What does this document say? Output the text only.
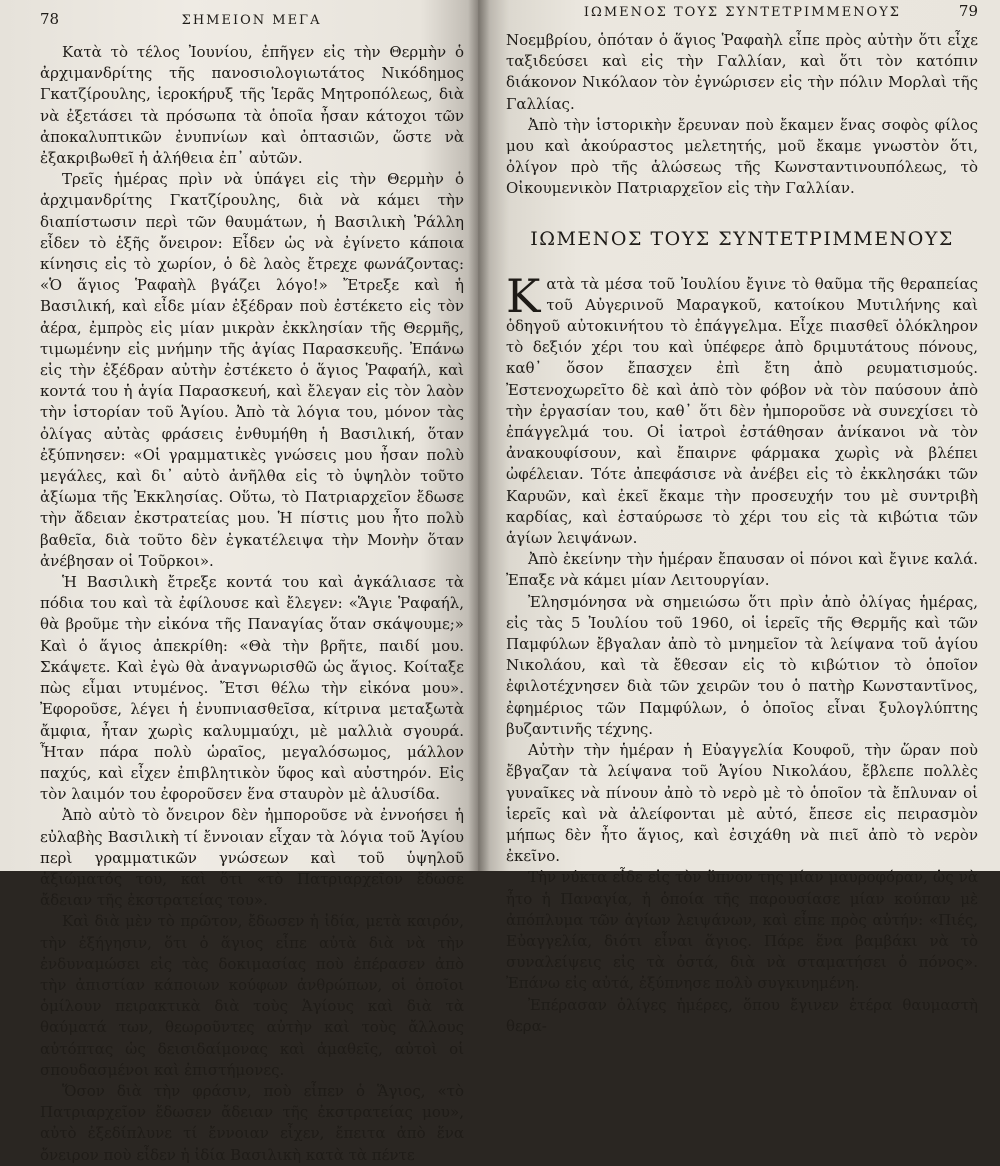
78	ΣΗΜΕΙΟΝ ΜΕΓΑ

Κατὰ τὸ τέλος Ἰουνίου, ἐπῆγεν εἰς τὴν Θερμὴν ὁ ἀρχιμανδρίτης τῆς πανοσιολογιωτάτος Νικόδημος Γκατζίρουλης, ἱεροκήρυξ τῆς Ἱερᾶς Μητροπόλεως, διὰ νὰ ἐξετάσει τὰ πρόσωπα τὰ ὁποῖα ἦσαν κάτοχοι τῶν ἀποκαλυπτικῶν ἐνυπνίων καὶ ὀπτασιῶν, ὥστε νὰ ἐξακριβωθεῖ ἡ ἀλήθεια ἐπ᾽ αὐτῶν.

Τρεῖς ἡμέρας πρὶν νὰ ὑπάγει εἰς τὴν Θερμὴν ὁ ἀρχιμανδρίτης Γκατζίρουλης, διὰ νὰ κάμει τὴν διαπίστωσιν περὶ τῶν θαυμάτων, ἡ Βασιλικὴ Ῥάλλη εἶδεν τὸ ἑξῆς ὄνειρον: Εἶδεν ὡς νὰ ἐγίνετο κάποια κίνησις εἰς τὸ χωρίον, ὁ δὲ λαὸς ἔτρεχε φωνάζοντας: «Ὁ ἅγιος Ῥαφαὴλ βγάζει λόγο!» Ἔτρεξε καὶ ἡ Βασιλική, καὶ εἶδε μίαν ἐξέδραν ποὺ ἐστέκετο εἰς τὸν ἀέρα, ἐμπρὸς εἰς μίαν μικρὰν ἐκκλησίαν τῆς Θερμῆς, τιμωμένην εἰς μνήμην τῆς ἁγίας Παρασκευῆς. Ἐπάνω εἰς τὴν ἐξέδραν αὐτὴν ἐστέκετο ὁ ἅγιος Ῥαφαήλ, καὶ κοντά του ἡ ἁγία Παρασκευή, καὶ ἔλεγαν εἰς τὸν λαὸν τὴν ἱστορίαν τοῦ Ἁγίου. Ἀπὸ τὰ λόγια του, μόνον τὰς ὀλίγας αὐτὰς φράσεις ἐνθυμήθη ἡ Βασιλική, ὅταν ἐξύπνησεν: «Οἱ γραμματικὲς γνώσεις μου ἦσαν πολὺ μεγάλες, καὶ δι᾽ αὐτὸ ἀνῆλθα εἰς τὸ ὑψηλὸν τοῦτο ἀξίωμα τῆς Ἐκκλησίας. Οὕτω, τὸ Πατριαρχεῖον ἔδωσε τὴν ἄδειαν ἐκστρατείας μου. Ἡ πίστις μου ἦτο πολὺ βαθεῖα, διὰ τοῦτο δὲν ἐγκατέλειψα τὴν Μονὴν ὅταν ἀνέβησαν οἱ Τοῦρκοι».

Ἡ Βασιλικὴ ἔτρεξε κοντά του καὶ ἀγκάλιασε τὰ πόδια του καὶ τὰ ἐφίλουσε καὶ ἔλεγεν: «Ἅγιε Ῥαφαήλ, θὰ βροῦμε τὴν εἰκόνα τῆς Παναγίας ὅταν σκάψουμε;» Καὶ ὁ ἅγιος ἀπεκρίθη: «Θὰ τὴν βρῆτε, παιδί μου. Σκάψετε. Καὶ ἐγὼ θὰ ἀναγνωρισθῶ ὡς ἅγιος. Κοίταξε πὼς εἶμαι ντυμένος. Ἔτσι θέλω τὴν εἰκόνα μου». Ἐφοροῦσε, λέγει ἡ ἐνυπνιασθεῖσα, κίτρινα μεταξωτὰ ἄμφια, ἦταν χωρὶς καλυμμαύχι, μὲ μαλλιὰ σγουρά. Ἦταν πάρα πολὺ ὡραῖος, μεγαλόσωμος, μάλλον παχύς, καὶ εἶχεν ἐπιβλητικὸν ὕφος καὶ αὐστηρόν. Εἰς τὸν λαιμόν του ἐφοροῦσεν ἕνα σταυρὸν μὲ ἁλυσίδα.

Ἀπὸ αὐτὸ τὸ ὄνειρον δὲν ἠμποροῦσε νὰ ἐννοήσει ἡ εὐλαβὴς Βασιλικὴ τί ἔννοιαν εἶχαν τὰ λόγια τοῦ Ἁγίου περὶ γραμματικῶν γνώσεων καὶ τοῦ ὑψηλοῦ ἀξιώματός του, καὶ ὅτι «τὸ Πατριαρχεῖον ἔδωσε ἄδειαν τῆς ἐκστρατείας του».

Καὶ διὰ μὲν τὸ πρῶτον, ἔδωσεν ἡ ἰδία, μετὰ καιρόν, τὴν ἐξήγησιν, ὅτι ὁ ἅγιος εἶπε αὐτὰ διὰ νὰ τὴν ἐνδυναμώσει εἰς τὰς δοκιμασίας ποὺ ἐπέρασεν ἀπὸ τὴν ἀπιστίαν κάποιων κούφων ἀνθρώπων, οἱ ὁποῖοι ὁμίλουν πειρακτικὰ διὰ τοὺς Ἁγίους καὶ διὰ τὰ θαύματά των, θεωροῦντες αὐτὴν καὶ τοὺς ἄλλους αὐτόπτας ὡς δεισιδαίμονας καὶ ἀμαθεῖς, αὐτοὶ οἱ σπουδασμένοι καὶ ἐπιστήμονες.

Ὅσον διὰ τὴν φράσιν, ποὺ εἶπεν ὁ Ἅγιος, «τὸ Πατριαρχεῖον ἔδωσεν ἄδειαν τῆς ἐκστρατείας μου», αὐτὸ ἐξεδίπλυνε τί ἔννοιαν εἶχεν, ἔπειτα ἀπὸ ἕνα ὄνειρον ποὺ εἶδεν ἡ ἰδία Βασιλικὴ κατὰ τὰ πέντε

ΙΩΜΕΝΟΣ ΤΟΥΣ ΣΥΝΤΕΤΡΙΜΜΕΝΟΥΣ	79

Νοεμβρίου, ὁπόταν ὁ ἅγιος Ῥαφαὴλ εἶπε πρὸς αὐτὴν ὅτι εἶχε ταξιδεύσει καὶ εἰς τὴν Γαλλίαν, καὶ ὅτι τὸν κατόπιν διάκονον Νικόλαον τὸν ἐγνώρισεν εἰς τὴν πόλιν Μορλαὶ τῆς Γαλλίας.

Ἀπὸ τὴν ἱστορικὴν ἔρευναν ποὺ ἔκαμεν ἕνας σοφὸς φίλος μου καὶ ἀκούραστος μελετητής, μοῦ ἔκαμε γνωστὸν ὅτι, ὀλίγον πρὸ τῆς ἁλώσεως τῆς Κωνσταντινουπόλεως, τὸ Οἰκουμενικὸν Πατριαρχεῖον εἰς τὴν Γαλλίαν.

ΙΩΜΕΝΟΣ ΤΟΥΣ ΣΥΝΤΕΤΡΙΜΜΕΝΟΥΣ

Κατὰ τὰ μέσα τοῦ Ἰουλίου ἔγινε τὸ θαῦμα τῆς θεραπείας τοῦ Αὐγερινοῦ Μαραγκοῦ, κατοίκου Μυτιλήνης καὶ ὁδηγοῦ αὐτοκινήτου τὸ ἐπάγγελμα. Εἶχε πιασθεῖ ὁλόκληρον τὸ δεξιόν χέρι του καὶ ὑπέφερε ἀπὸ δριμυτάτους πόνους, καθ᾽ ὅσον ἔπασχεν ἐπὶ ἔτη ἀπὸ ρευματισμούς. Ἐστενοχωρεῖτο δὲ καὶ ἀπὸ τὸν φόβον νὰ τὸν παύσουν ἀπὸ τὴν ἐργασίαν του, καθ᾽ ὅτι δὲν ἠμποροῦσε νὰ συνεχίσει τὸ ἐπάγγελμά του. Οἱ ἰατροὶ ἐστάθησαν ἀνίκανοι νὰ τὸν ἀνακουφίσουν, καὶ ἔπαιρνε φάρμακα χωρὶς νὰ βλέπει ὠφέλειαν. Τότε ἀπεφάσισε νὰ ἀνέβει εἰς τὸ ἐκκλησάκι τῶν Καρυῶν, καὶ ἐκεῖ ἔκαμε τὴν προσευχήν του μὲ συντριβὴ καρδίας, καὶ ἐσταύρωσε τὸ χέρι του εἰς τὰ κιβώτια τῶν ἁγίων λειψάνων.

Ἀπὸ ἐκείνην τὴν ἡμέραν ἔπαυσαν οἱ πόνοι καὶ ἔγινε καλά. Ἐπαξε νὰ κάμει μίαν Λειτουργίαν.

Ἐλησμόνησα νὰ σημειώσω ὅτι πρὶν ἀπὸ ὀλίγας ἡμέρας, εἰς τὰς 5 Ἰουλίου τοῦ 1960, οἱ ἱερεῖς τῆς Θερμῆς καὶ τῶν Παμφύλων ἔβγαλαν ἀπὸ τὸ μνημεῖον τὰ λείψανα τοῦ ἁγίου Νικολάου, καὶ τὰ ἔθεσαν εἰς τὸ κιβώτιον τὸ ὁποῖον ἐφιλοτέχνησεν διὰ τῶν χειρῶν του ὁ πατὴρ Κωνσταντῖνος, ἐφημέριος τῶν Παμφύλων, ὁ ὁποῖος εἶναι ξυλογλύπτης βυζαντινῆς τέχνης.

Αὐτὴν τὴν ἡμέραν ἡ Εὐαγγελία Κουφοῦ, τὴν ὥραν ποὺ ἔβγαζαν τὰ λείψανα τοῦ Ἁγίου Νικολάου, ἔβλεπε πολλὲς γυναῖκες νὰ πίνουν ἀπὸ τὸ νερὸ μὲ τὸ ὁποῖον τὰ ἔπλυναν οἱ ἱερεῖς καὶ νὰ ἀλείφονται μὲ αὐτό, ἔπεσε εἰς πειρασμὸν μήπως δὲν ἦτο ἅγιος, καὶ ἐσιχάθη νὰ πιεῖ ἀπὸ τὸ νερὸν ἐκεῖνο.

Τὴν νύκτα εἶδε εἰς τὸν ὕπνον της μίαν μαυροφόραν, ὡς νὰ ἦτο ἡ Παναγία, ἡ ὁποία τῆς παρουσίασε μίαν κούπαν μὲ ἀπόπλυμα τῶν ἁγίων λειψάνων, καὶ εἶπε πρὸς αὐτήν: «Πιές, Εὐαγγελία, διότι εἶναι ἅγιος. Πάρε ἕνα βαμβάκι νὰ τὸ συναλείψεις εἰς τὰ ὀστά, διὰ νὰ σταματήσει ὁ πόνος». Ἐπάνω εἰς αὐτά, ἐξύπνησε πολὺ συγκινημένη.

Ἐπέρασαν ὀλίγες ἡμέρες, ὅπου ἔγινεν ἑτέρα θαυμαστὴ θερα-
